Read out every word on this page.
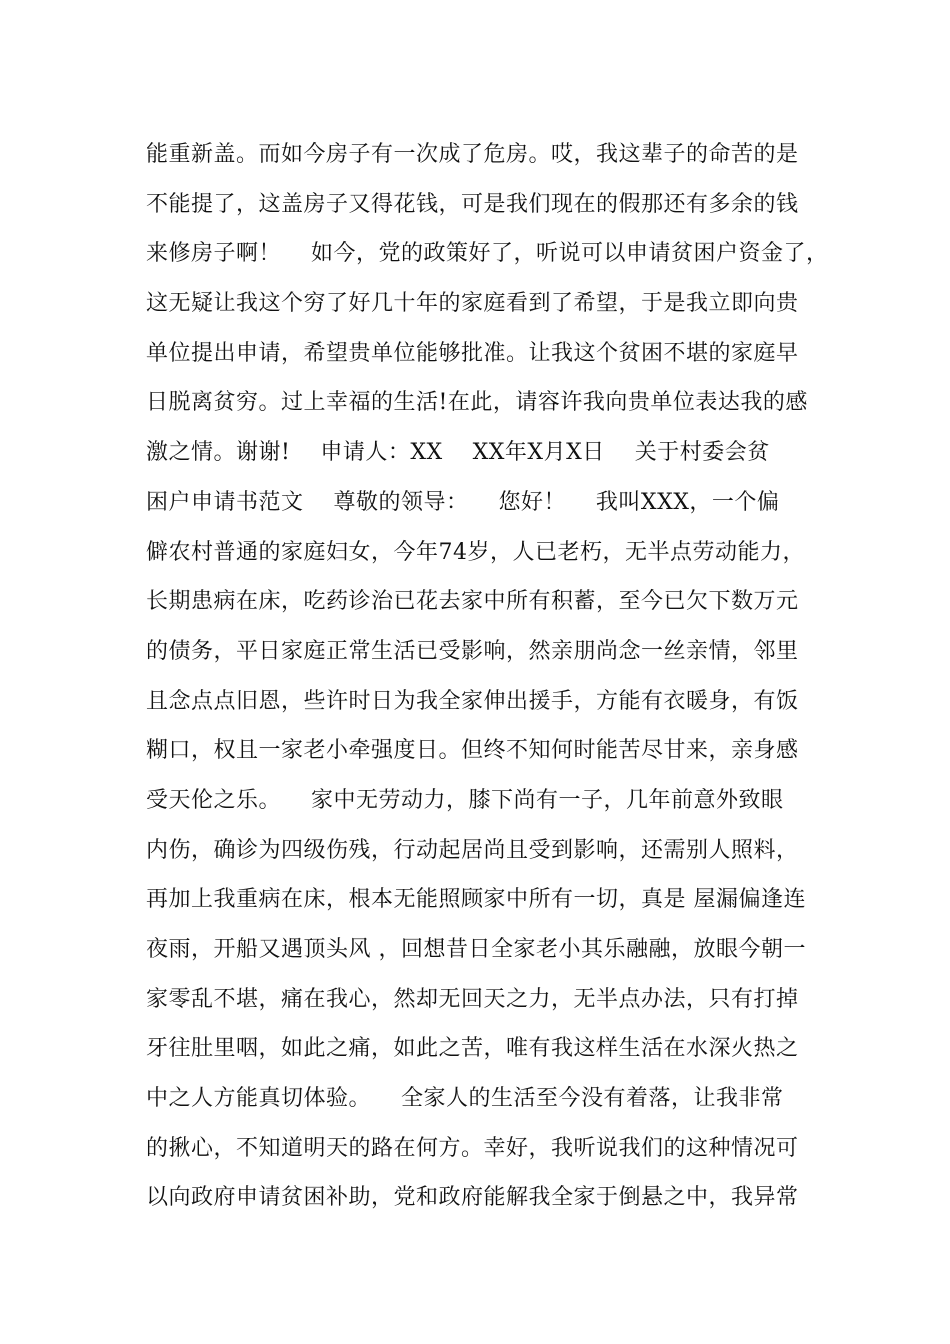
能重新盖。而如今房子有一次成了危房。哎，我这辈子的命苦的是
不能提了，这盖房子又得花钱，可是我们现在的假那还有多余的钱
来修房子啊！    如今，党的政策好了，听说可以申请贫困户资金了，
这无疑让我这个穷了好几十年的家庭看到了希望，于是我立即向贵
单位提出申请，希望贵单位能够批准。让我这个贫困不堪的家庭早
日脱离贫穷。过上幸福的生活!在此，请容许我向贵单位表达我的感
激之情。谢谢!    申请人：XX    XX年X月X日    关于村委会贫
困户申请书范文    尊敬的领导：    您好！    我叫XXX，一个偏
僻农村普通的家庭妇女，今年74岁，人已老朽，无半点劳动能力，
长期患病在床，吃药诊治已花去家中所有积蓄，至今已欠下数万元
的债务，平日家庭正常生活已受影响，然亲朋尚念一丝亲情，邻里
且念点点旧恩，些许时日为我全家伸出援手，方能有衣暖身，有饭
糊口，权且一家老小牵强度日。但终不知何时能苦尽甘来，亲身感
受天伦之乐。    家中无劳动力，膝下尚有一子，几年前意外致眼
内伤，确诊为四级伤残，行动起居尚且受到影响，还需别人照料，
再加上我重病在床，根本无能照顾家中所有一切，真是 屋漏偏逢连
夜雨，开船又遇顶头风 ，回想昔日全家老小其乐融融，放眼今朝一
家零乱不堪，痛在我心，然却无回天之力，无半点办法，只有打掉
牙往肚里咽，如此之痛，如此之苦，唯有我这样生活在水深火热之
中之人方能真切体验。    全家人的生活至今没有着落，让我非常
的揪心，不知道明天的路在何方。幸好，我听说我们的这种情况可
以向政府申请贫困补助，党和政府能解我全家于倒悬之中，我异常
